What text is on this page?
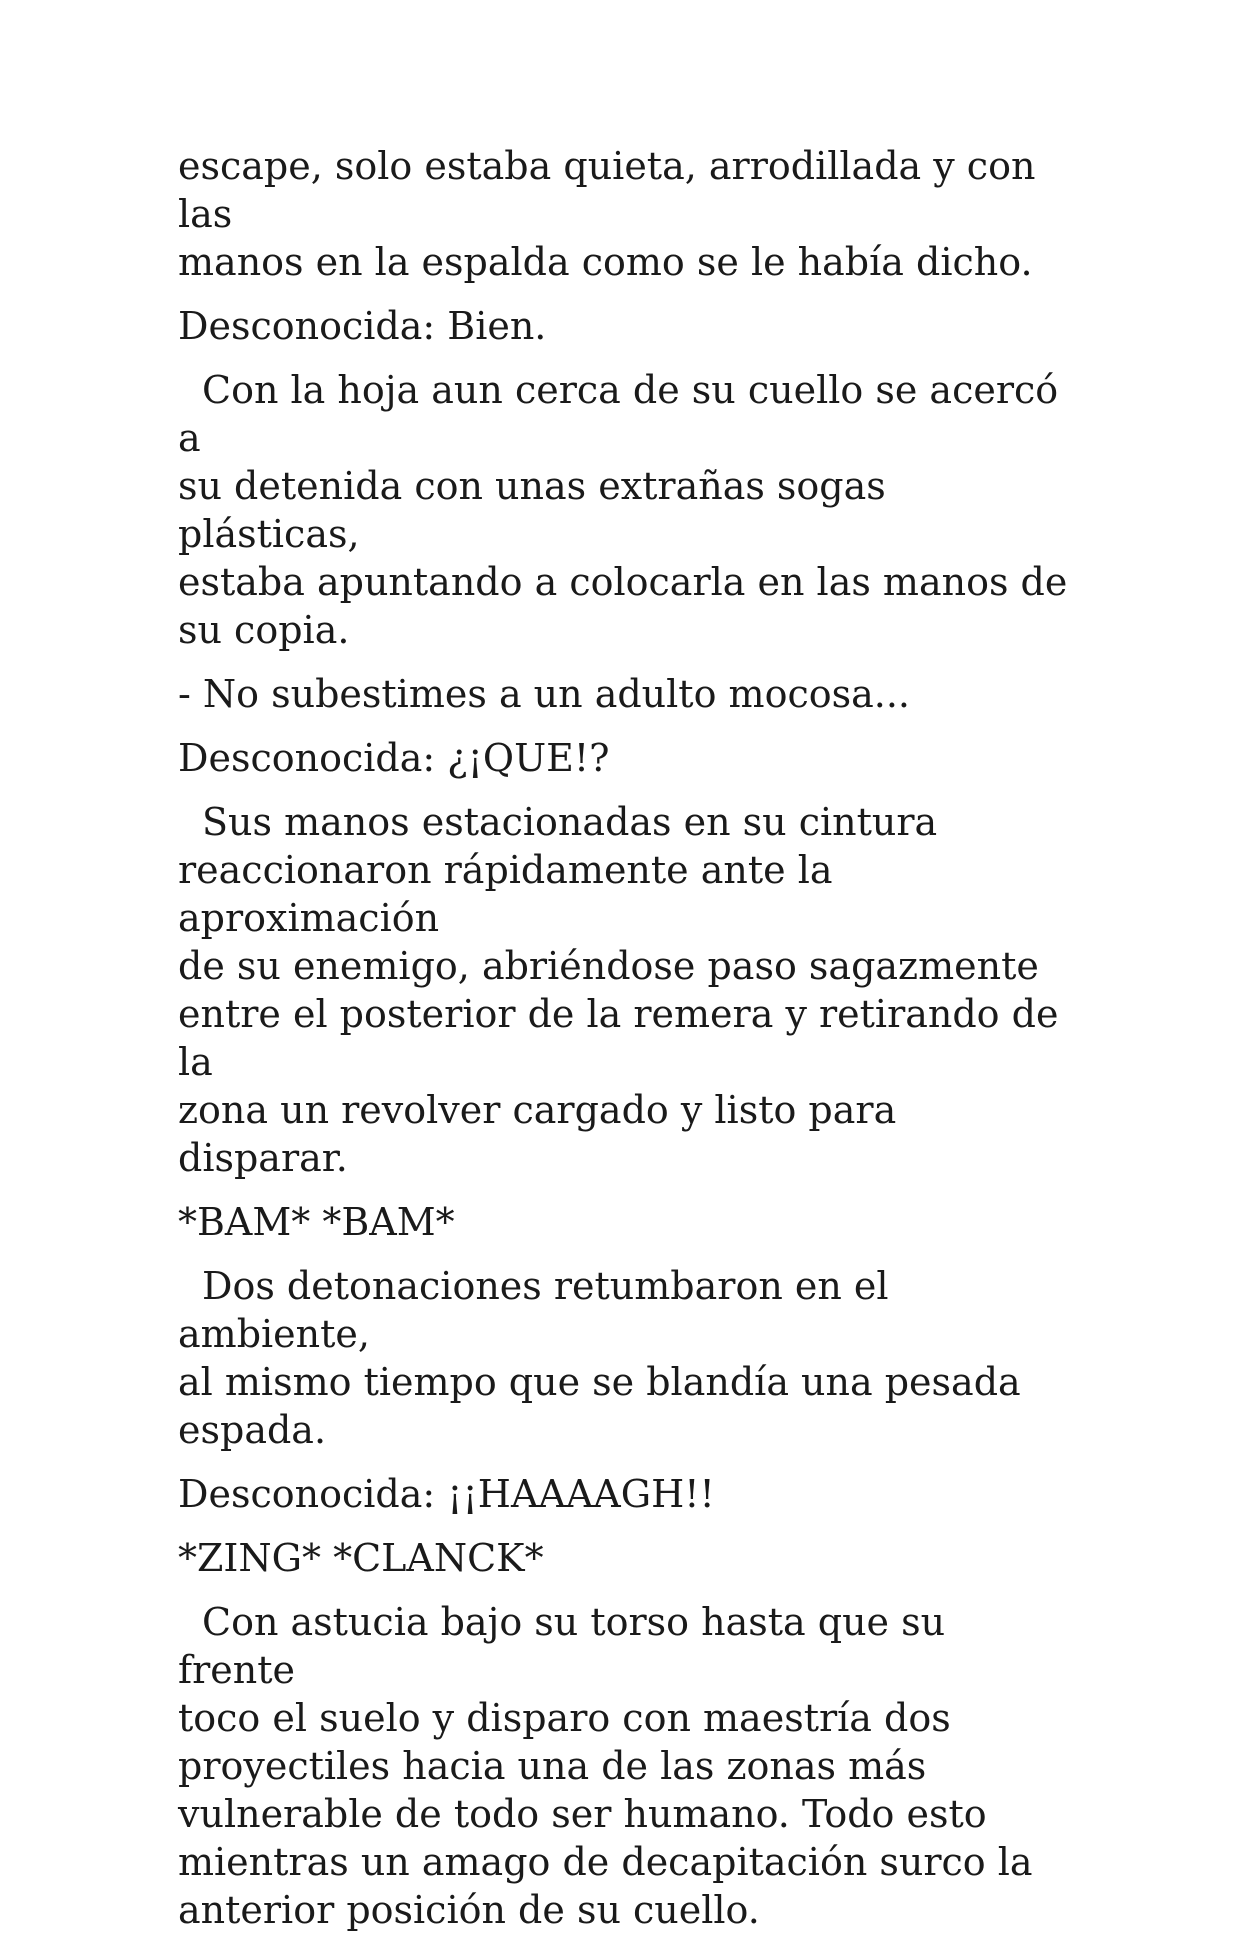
escape, solo estaba quieta, arrodillada y con las
manos en la espalda como se le había dicho.

Desconocida: Bien.

Con la hoja aun cerca de su cuello se acercó a
su detenida con unas extrañas sogas plásticas,
estaba apuntando a colocarla en las manos de
su copia.

- No subestimes a un adulto mocosa...

Desconocida: ¿¡QUE!?

Sus manos estacionadas en su cintura
reaccionaron rápidamente ante la aproximación
de su enemigo, abriéndose paso sagazmente
entre el posterior de la remera y retirando de la
zona un revolver cargado y listo para disparar.

*BAM* *BAM*

Dos detonaciones retumbaron en el ambiente,
al mismo tiempo que se blandía una pesada
espada.

Desconocida: ¡¡HAAAAGH!!

*ZING* *CLANCK*

Con astucia bajo su torso hasta que su frente
toco el suelo y disparo con maestría dos
proyectiles hacia una de las zonas más
vulnerable de todo ser humano. Todo esto
mientras un amago de decapitación surco la
anterior posición de su cuello.
